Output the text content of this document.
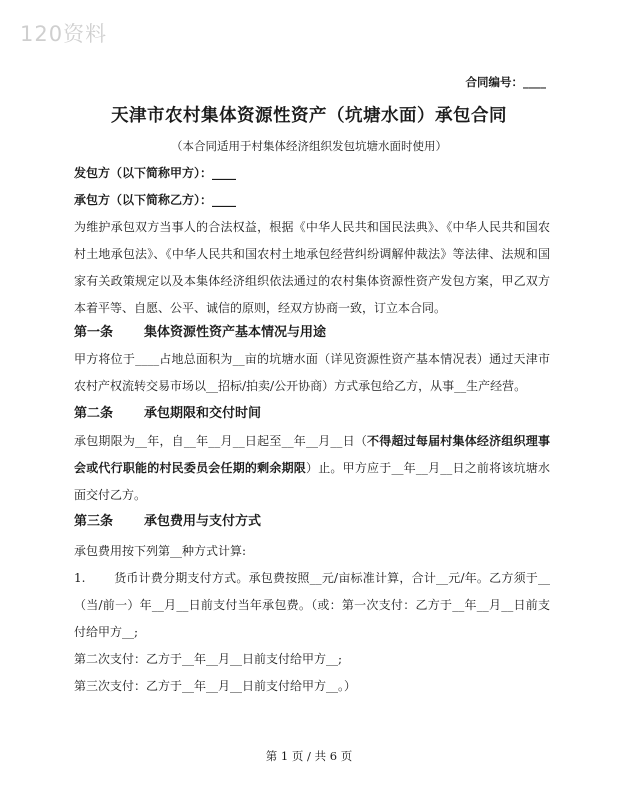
120资料
合同编号：____
天津市农村集体资源性资产（坑塘水面）承包合同
（本合同适用于村集体经济组织发包坑塘水面时使用）
发包方（以下简称甲方）：____
承包方（以下简称乙方）：____
为维护承包双方当事人的合法权益，根据《中华人民共和国民法典》、《中华人民共和国农村土地承包法》、《中华人民共和国农村土地承包经营纠纷调解仲裁法》等法律、法规和国家有关政策规定以及本集体经济组织依法通过的农村集体资源性资产发包方案，甲乙双方本着平等、自愿、公平、诚信的原则，经双方协商一致，订立本合同。
第一条 集体资源性资产基本情况与用途
甲方将位于____占地总面积为__亩的坑塘水面（详见资源性资产基本情况表）通过天津市农村产权流转交易市场以__招标/拍卖/公开协商）方式承包给乙方，从事__生产经营。
第二条 承包期限和交付时间
承包期限为__年，自__年__月__日起至__年__月__日（不得超过每届村集体经济组织理事会或代行职能的村民委员会任期的剩余期限）止。甲方应于__年__月__日之前将该坑塘水面交付乙方。
第三条 承包费用与支付方式
承包费用按下列第__种方式计算:
1. 货币计费分期支付方式。承包费按照__元/亩标准计算，合计__元/年。乙方须于__（当/前一）年__月__日前支付当年承包费。（或：第一次支付：乙方于__年__月__日前支付给甲方__;
第二次支付：乙方于__年__月__日前支付给甲方__;
第三次支付：乙方于__年__月__日前支付给甲方__。）
第 1 页 / 共 6 页
